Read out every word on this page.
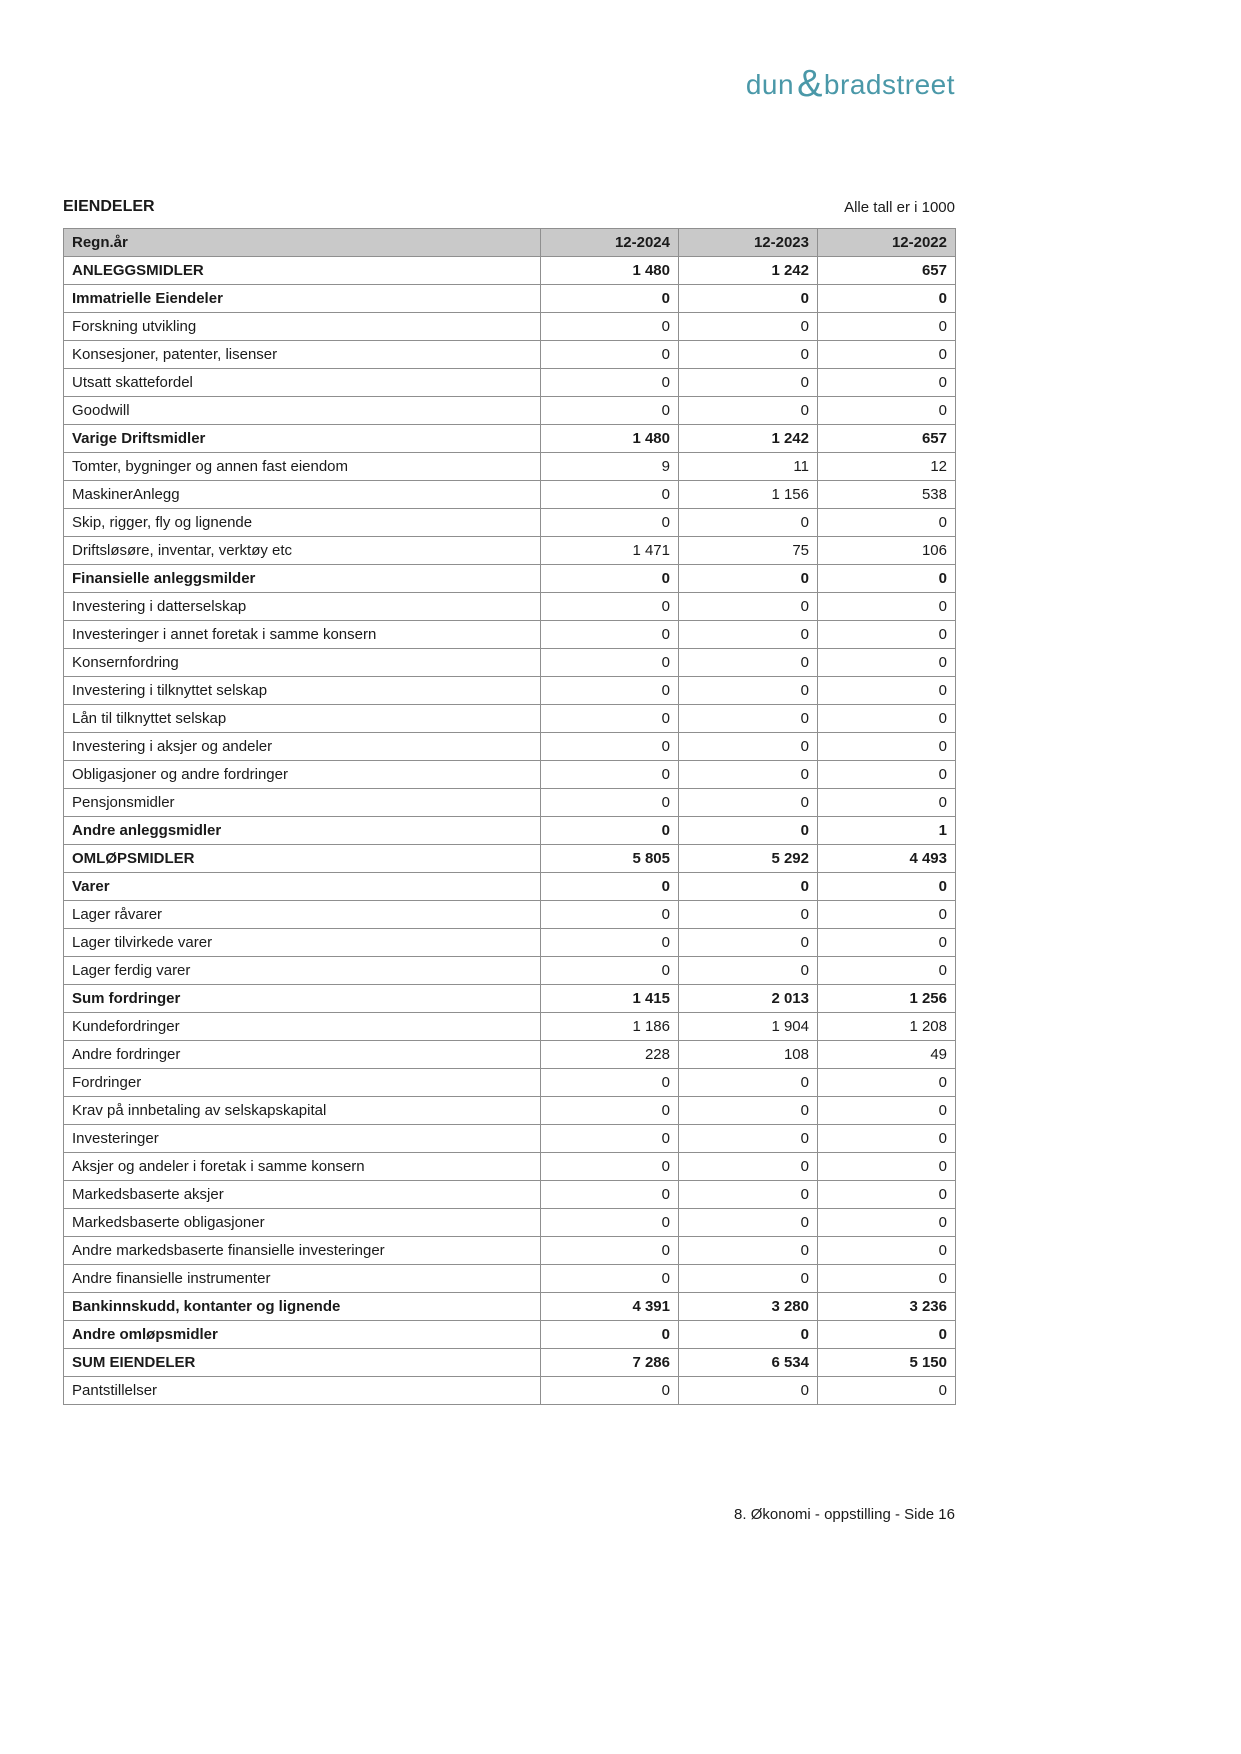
dun & bradstreet
EIENDELER	Alle tall er i 1000
Regn.år	12-2024	12-2023	12-2022
ANLEGGSMIDLER	1 480	1 242	657
Immatrielle Eiendeler	0	0	0
Forskning utvikling	0	0	0
Konsesjoner, patenter, lisenser	0	0	0
Utsatt skattefordel	0	0	0
Goodwill	0	0	0
Varige Driftsmidler	1 480	1 242	657
Tomter, bygninger og annen fast eiendom	9	11	12
MaskinerAnlegg	0	1 156	538
Skip, rigger, fly og lignende	0	0	0
Driftsløsøre, inventar, verktøy etc	1 471	75	106
Finansielle anleggsmilder	0	0	0
Investering i datterselskap	0	0	0
Investeringer i annet foretak i samme konsern	0	0	0
Konsernfordring	0	0	0
Investering i tilknyttet selskap	0	0	0
Lån til tilknyttet selskap	0	0	0
Investering i aksjer og andeler	0	0	0
Obligasjoner og andre fordringer	0	0	0
Pensjonsmidler	0	0	0
Andre anleggsmidler	0	0	1
OMLØPSMIDLER	5 805	5 292	4 493
Varer	0	0	0
Lager råvarer	0	0	0
Lager tilvirkede varer	0	0	0
Lager ferdig varer	0	0	0
Sum fordringer	1 415	2 013	1 256
Kundefordringer	1 186	1 904	1 208
Andre fordringer	228	108	49
Fordringer	0	0	0
Krav på innbetaling av selskapskapital	0	0	0
Investeringer	0	0	0
Aksjer og andeler i foretak i samme konsern	0	0	0
Markedsbaserte aksjer	0	0	0
Markedsbaserte obligasjoner	0	0	0
Andre markedsbaserte finansielle investeringer	0	0	0
Andre finansielle instrumenter	0	0	0
Bankinnskudd, kontanter og lignende	4 391	3 280	3 236
Andre omløpsmidler	0	0	0
SUM EIENDELER	7 286	6 534	5 150
Pantstillelser	0	0	0
8. Økonomi - oppstilling - Side 16
